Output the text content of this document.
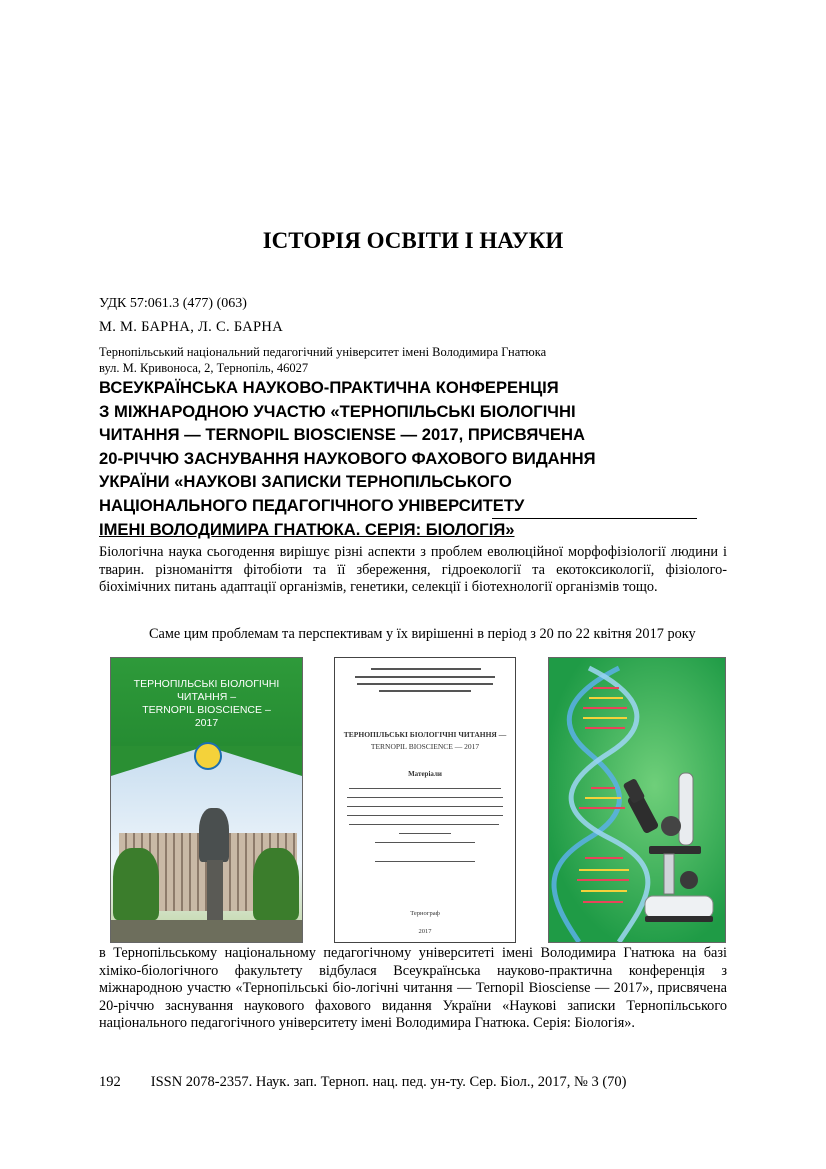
ІСТОРІЯ ОСВІТИ І НАУКИ
УДК 57:061.3 (477) (063)
М. М. БАРНА, Л. С. БАРНА
Тернопільський національний педагогічний університет імені Володимира Гнатюка
вул. М. Кривоноса, 2, Тернопіль, 46027
ВСЕУКРАЇНСЬКА НАУКОВО-ПРАКТИЧНА КОНФЕРЕНЦІЯ
З МІЖНАРОДНОЮ УЧАСТЮ «ТЕРНОПІЛЬСЬКІ БІОЛОГІЧНІ
ЧИТАННЯ — TERNOPIL BIOSCIENSE — 2017, ПРИСВЯЧЕНА
20-РІЧЧЮ ЗАСНУВАННЯ НАУКОВОГО ФАХОВОГО ВИДАННЯ
УКРАЇНИ «НАУКОВІ ЗАПИСКИ ТЕРНОПІЛЬСЬКОГО
НАЦІОНАЛЬНОГО ПЕДАГОГІЧНОГО УНІВЕРСИТЕТУ
ІМЕНІ ВОЛОДИМИРА ГНАТЮКА. СЕРІЯ: БІОЛОГІЯ»
Біологічна наука сьогодення вирішує різні аспекти з проблем еволюційної морфофізіології людини і тварин. різноманіття фітобіоти та її збереження, гідроекології та екотоксикології, фізіолого-біохімічних питань адаптації організмів, генетики, селекції і біотехнології організмів тощо.
Саме цим проблемам та перспективам у їх вирішенні в період з 20 по 22 квітня 2017 року
ТЕРНОПІЛЬСЬКІ БІОЛОГІЧНІ
ЧИТАННЯ –
TERNOPIL BIOSCIENCE –
2017
ТЕРНОПІЛЬСЬКІ БІОЛОГІЧНІ ЧИТАННЯ —
TERNOPIL BIOSCIENCE — 2017
Матеріали
Тернограф
2017
в Тернопільському національному педагогічному університеті імені Володимира Гнатюка на базі хіміко-біологічного факультету відбулася Всеукраїнська науково-практична конференція з міжнародною участю «Тернопільські біо-логічні читання — Ternopil Biosciense — 2017», присвячена 20-річчю заснування наукового фахового видання України «Наукові записки Тернопільського національного педагогічного університету імені Володимира Гнатюка. Серія: Біологія».
192 ISSN 2078-2357. Наук. зап. Терноп. нац. пед. ун-ту. Сер. Біол., 2017, № 3 (70)
